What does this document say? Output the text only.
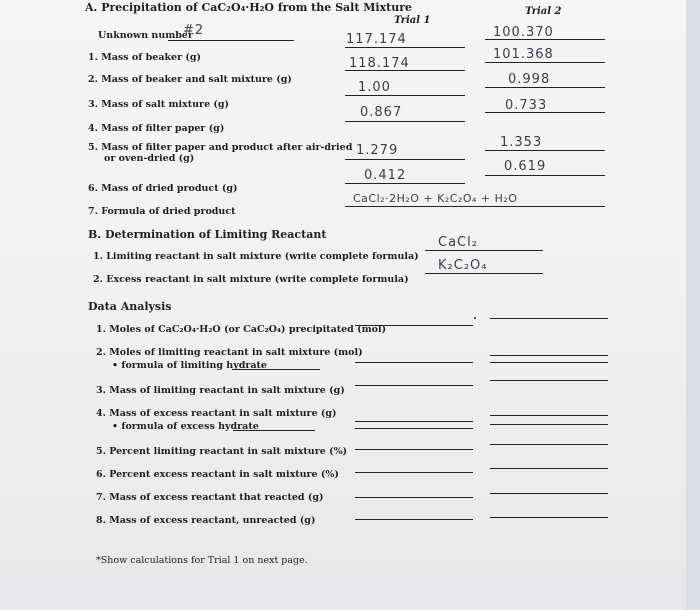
A. Precipitation of CaC₂O₄·H₂O from the Salt Mixture
Trial 1
Trial 2
Unknown number
#2
1. Mass of beaker (g)
117.174	100.370
2. Mass of beaker and salt mixture (g)
118.174
101.368
3. Mass of salt mixture (g)
1.00
0.998
4. Mass of filter paper (g)
0.867	0.733
5. Mass of filter paper and product after air-dried
or oven-dried (g)
1.279
1.353
6. Mass of dried product (g)
0.412
0.619
7. Formula of dried product
CaCl₂·2H₂O + K₂C₂O₄ + H₂O
B. Determination of Limiting Reactant
1. Limiting reactant in salt mixture (write complete formula)
CaCl₂
2. Excess reactant in salt mixture (write complete formula)
K₂C₂O₄
Data Analysis
1. Moles of CaC₂O₄·H₂O (or CaC₂O₄) precipitated (mol)
2. Moles of limiting reactant in salt mixture (mol)
• formula of limiting hydrate
3. Mass of limiting reactant in salt mixture (g)
4. Mass of excess reactant in salt mixture (g)
• formula of excess hydrate
5. Percent limiting reactant in salt mixture (%)
6. Percent excess reactant in salt mixture (%)
7. Mass of excess reactant that reacted (g)
8. Mass of excess reactant, unreacted (g)
*Show calculations for Trial 1 on next page.
